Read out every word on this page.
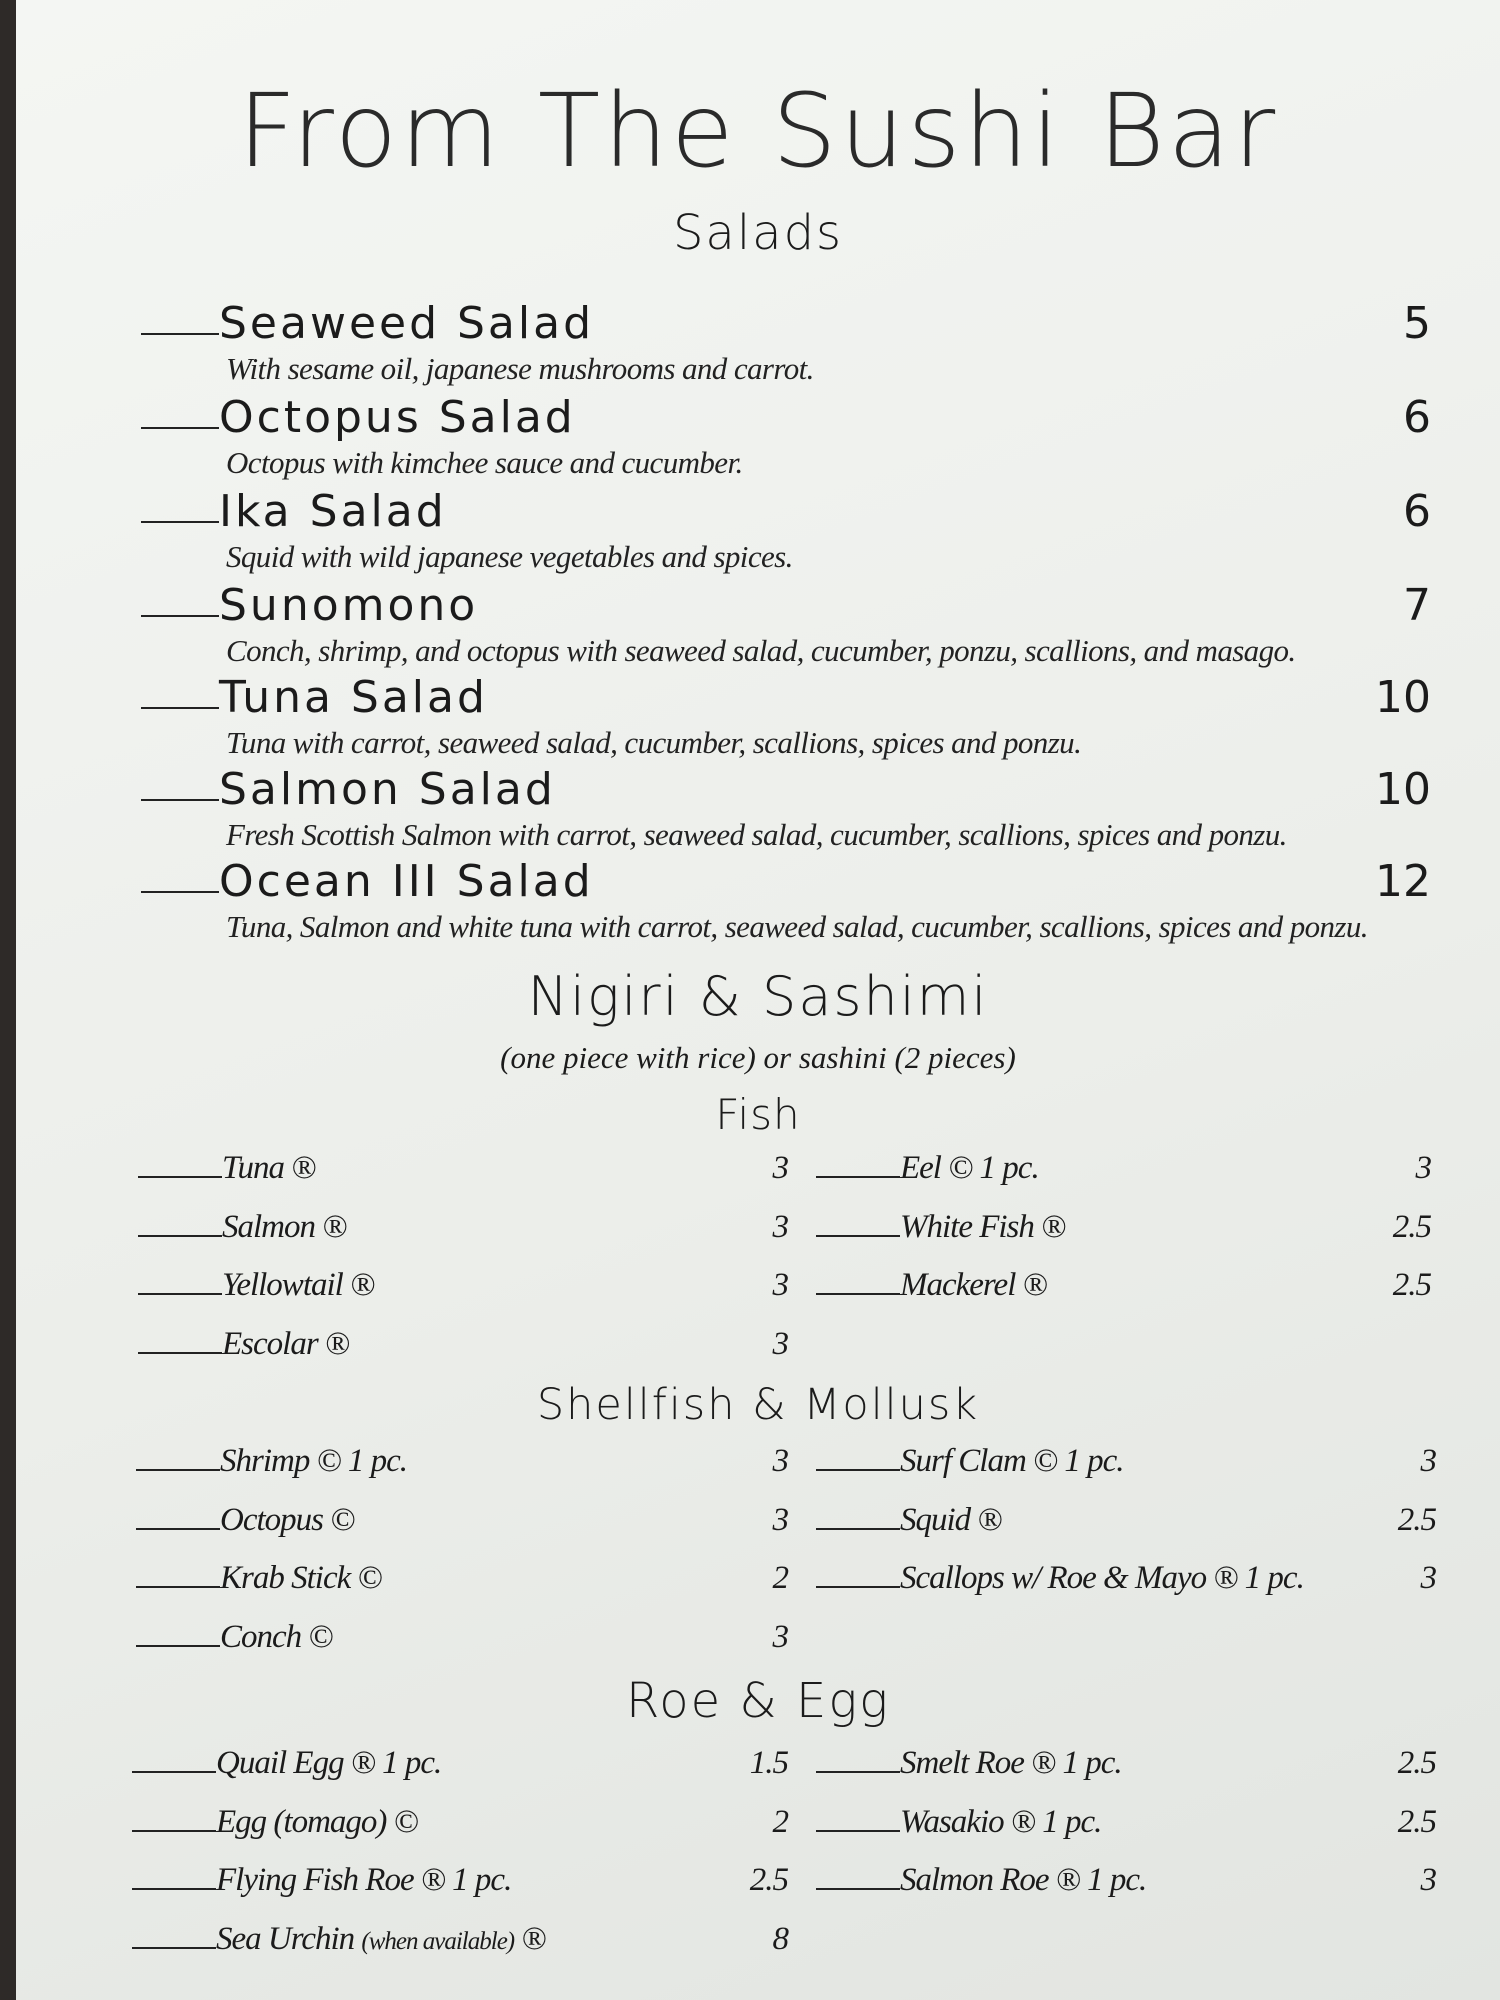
From The Sushi Bar
Salads
Seaweed Salad	5
With sesame oil, japanese mushrooms and carrot.
Octopus Salad	6
Octopus with kimchee sauce and cucumber.
Ika Salad	6
Squid with wild japanese vegetables and spices.
Sunomono	7
Conch, shrimp, and octopus with seaweed salad, cucumber, ponzu, scallions, and masago.
Tuna Salad	10
Tuna with carrot, seaweed salad, cucumber, scallions, spices and ponzu.
Salmon Salad	10
Fresh Scottish Salmon with carrot, seaweed salad, cucumber, scallions, spices and ponzu.
Ocean III Salad	12
Tuna, Salmon and white tuna with carrot, seaweed salad, cucumber, scallions, spices and ponzu.
Nigiri & Sashimi
(one piece with rice) or sashini (2 pieces)
Fish
Tuna ®	3
Salmon ®	3
Yellowtail ®	3
Escolar ®	3
Eel © 1 pc.	3
White Fish ®	2.5
Mackerel ®	2.5
Shellfish & Mollusk
Shrimp © 1 pc.	3
Octopus ©	3
Krab Stick ©	2
Conch ©	3
Surf Clam © 1 pc.	3
Squid ®	2.5
Scallops w/ Roe & Mayo ® 1 pc.	3
Roe & Egg
Quail Egg ® 1 pc.	1.5
Egg (tomago) ©	2
Flying Fish Roe ® 1 pc.	2.5
Sea Urchin (when available) ®	8
Smelt Roe ® 1 pc.	2.5
Wasakio ® 1 pc.	2.5
Salmon Roe ® 1 pc.	3
